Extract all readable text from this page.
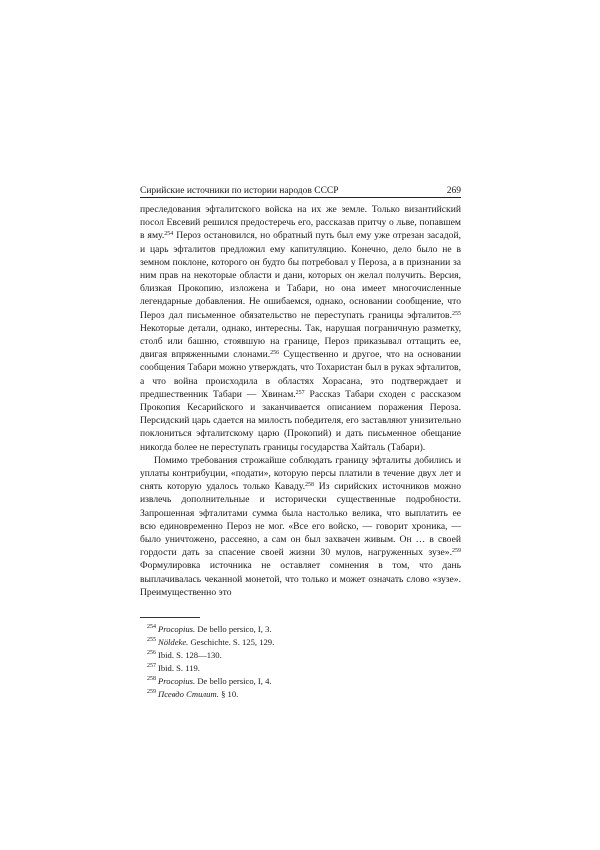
Сирийские источники по истории народов СССР	269

преследования эфталитского войска на их же земле. Только византийский посол Евсевий решился предостеречь его, рассказав притчу о льве, попавшем в яму.$^{254}$ Пероз остановился, но обратный путь был ему уже отрезан засадой, и царь эфталитов предложил ему капитуляцию. Конечно, дело было не в земном поклоне, которого он будто бы потребовал у Пероза, а в признании за ним прав на некоторые области и дани, которых он желал получить. Версия, близкая Прокопию, изложена и Табари, но она имеет многочисленные легендарные добавления. Не ошибаемся, однако, основании сообщение, что Пероз дал письменное обязательство не переступать границы эфталитов.$^{255}$ Некоторые детали, однако, интересны. Так, нарушая пограничную разметку, столб или башню, стоявшую на границе, Пероз приказывал оттащить ее, двигая впряженными слонами.$^{256}$ Существенно и другое, что на основании сообщения Табари можно утверждать, что Тохаристан был в руках эфталитов, а что война происходила в областях Хорасана, это подтверждает и предшественник Табари — Хвинам.$^{257}$ Рассказ Табари сходен с рассказом Прокопия Кесарийского и заканчивается описанием поражения Пероза. Персидский царь сдается на милость победителя, его заставляют унизительно поклониться эфталитскому царю (Прокопий) и дать письменное обещание никогда более не переступать границы государства Хайталь (Табари).

Помимо требования строжайше соблюдать границу эфталиты добились и уплаты контрибуции, «подати», которую персы платили в течение двух лет и снять которую удалось только Каваду.$^{258}$ Из сирийских источников можно извлечь дополнительные и исторически существенные подробности. Запрошенная эфталитами сумма была настолько велика, что выплатить ее всю единовременно Пероз не мог. «Все его войско, — говорит хроника, — было уничтожено, рассеяно, а сам он был захвачен живым. Он … в своей гордости дать за спасение своей жизни 30 мулов, нагруженных зузе».$^{259}$ Формулировка источника не оставляет сомнения в том, что дань выплачивалась чеканной монетой, что только и может означать слово «зузе». Преимущественно это

254 Procopius. De bello persico, I, 3.

255 Nöldeke. Geschichte. S. 125, 129.

256 Ibid. S. 128—130.

257 Ibid. S. 119.

258 Procopius. De bello persico, I, 4.

259 Псевдо Стилит. § 10.
